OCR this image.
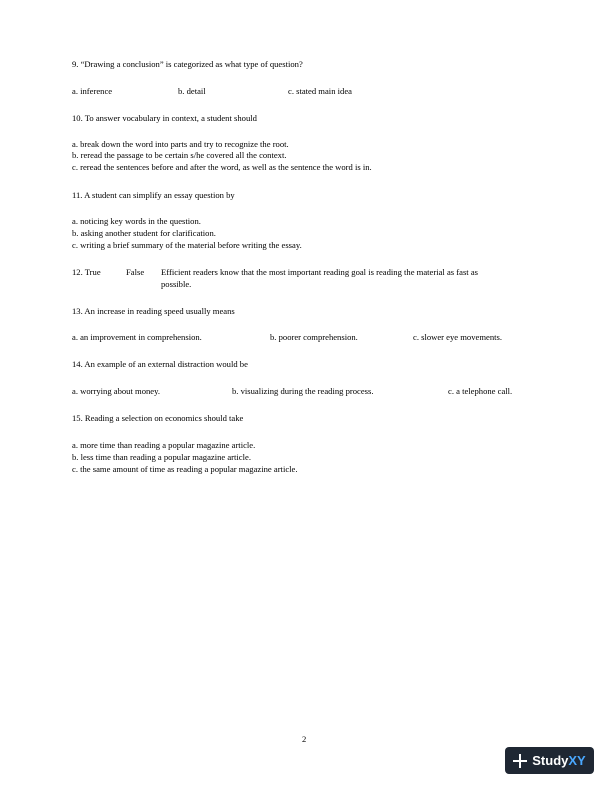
9. “Drawing a conclusion” is categorized as what type of question?
a. inference	b. detail	c. stated main idea
10. To answer vocabulary in context, a student should
a. break down the word into parts and try to recognize the root.
b. reread the passage to be certain s/he covered all the context.
c. reread the sentences before and after the word, as well as the sentence the word is in.
11. A student can simplify an essay question by
a. noticing key words in the question.
b. asking another student for clarification.
c. writing a brief summary of the material before writing the essay.
12. True	False Efficient readers know that the most important reading goal is reading the material as fast as
possible.
13. An increase in reading speed usually means
a. an improvement in comprehension.	b. poorer comprehension.	c. slower eye movements.
14. An example of an external distraction would be
a. worrying about money.	b. visualizing during the reading process.	c. a telephone call.
15. Reading a selection on economics should take
a. more time than reading a popular magazine article.
b. less time than reading a popular magazine article.
c. the same amount of time as reading a popular magazine article.
2
Study XY
